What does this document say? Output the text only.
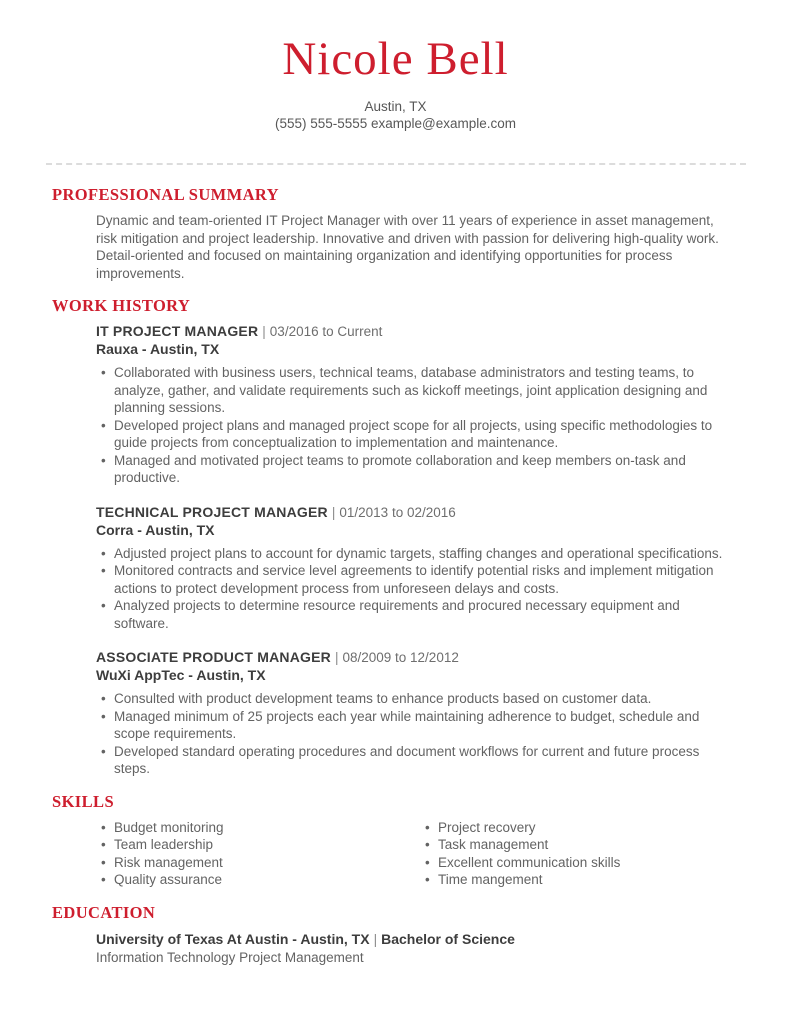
Nicole Bell
Austin, TX
(555) 555-5555 example@example.com
PROFESSIONAL SUMMARY
Dynamic and team-oriented IT Project Manager with over 11 years of experience in asset management, risk mitigation and project leadership. Innovative and driven with passion for delivering high-quality work. Detail-oriented and focused on maintaining organization and identifying opportunities for process improvements.
WORK HISTORY
IT PROJECT MANAGER | 03/2016 to Current
Rauxa - Austin, TX
• Collaborated with business users, technical teams, database administrators and testing teams, to analyze, gather, and validate requirements such as kickoff meetings, joint application designing and planning sessions.
• Developed project plans and managed project scope for all projects, using specific methodologies to guide projects from conceptualization to implementation and maintenance.
• Managed and motivated project teams to promote collaboration and keep members on-task and productive.
TECHNICAL PROJECT MANAGER | 01/2013 to 02/2016
Corra - Austin, TX
• Adjusted project plans to account for dynamic targets, staffing changes and operational specifications.
• Monitored contracts and service level agreements to identify potential risks and implement mitigation actions to protect development process from unforeseen delays and costs.
• Analyzed projects to determine resource requirements and procured necessary equipment and software.
ASSOCIATE PRODUCT MANAGER | 08/2009 to 12/2012
WuXi AppTec - Austin, TX
• Consulted with product development teams to enhance products based on customer data.
• Managed minimum of 25 projects each year while maintaining adherence to budget, schedule and scope requirements.
• Developed standard operating procedures and document workflows for current and future process steps.
SKILLS
• Budget monitoring
• Team leadership
• Risk management
• Quality assurance
• Project recovery
• Task management
• Excellent communication skills
• Time mangement
EDUCATION
University of Texas At Austin - Austin, TX | Bachelor of Science
Information Technology Project Management
